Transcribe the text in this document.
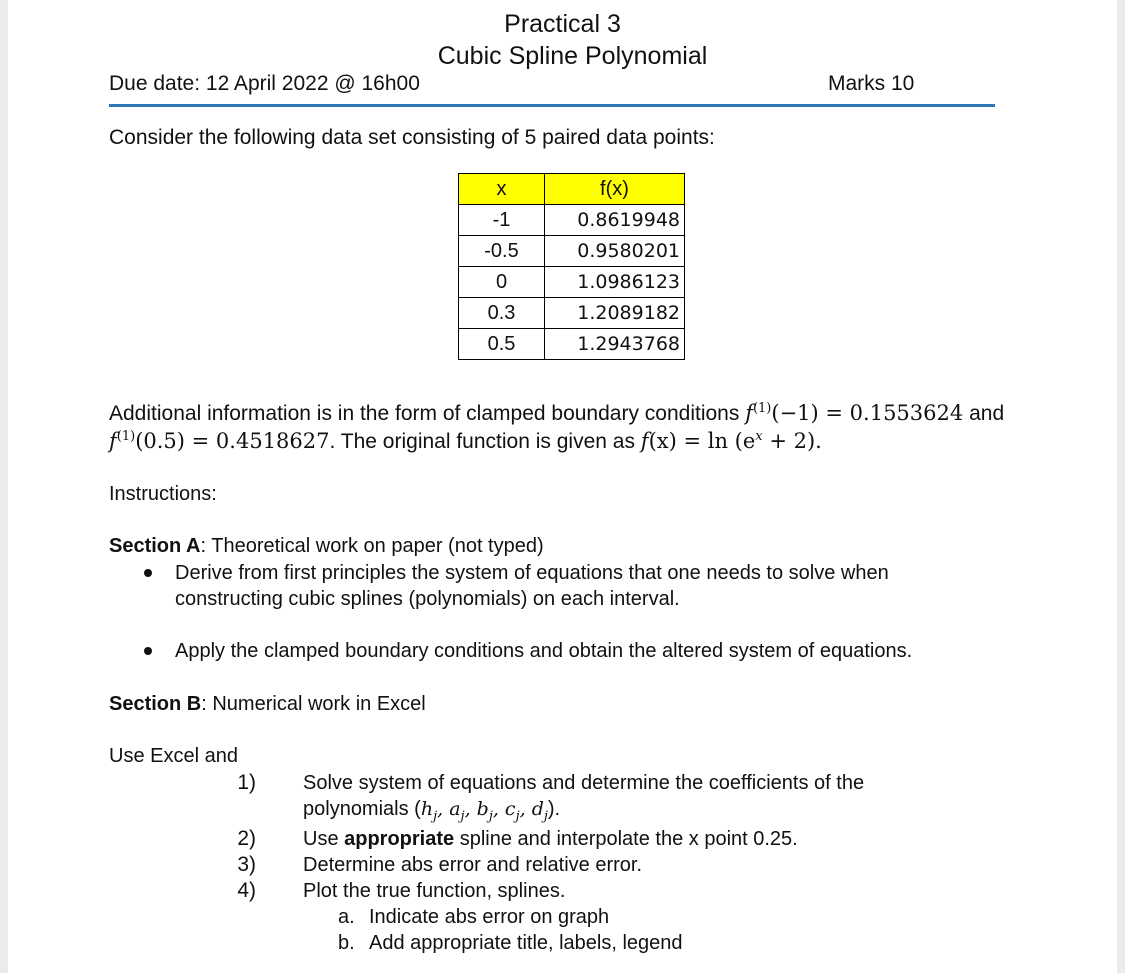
Practical 3
Cubic Spline Polynomial
Due date: 12 April 2022 @ 16h00	Marks 10
Consider the following data set consisting of 5 paired data points:
x	f(x)
-1	0.8619948
-0.5	0.9580201
0	1.0986123
0.3	1.2089182
0.5	1.2943768
Additional information is in the form of clamped boundary conditions $f^{(1)}(-1) = 0.1553624$ and
$f^{(1)}(0.5) = 0.4518627$. The original function is given as $f(x) = \ln (e^x + 2)$.
Instructions:
Section A: Theoretical work on paper (not typed)
Derive from first principles the system of equations that one needs to solve when
constructing cubic splines (polynomials) on each interval.
Apply the clamped boundary conditions and obtain the altered system of equations.
Section B: Numerical work in Excel
Use Excel and
1) Solve system of equations and determine the coefficients of the
polynomials ($h_j$, $a_j$, $b_j$, $c_j$, $d_j$).
2) Use appropriate spline and interpolate the x point 0.25.
3) Determine abs error and relative error.
4) Plot the true function, splines.
a. Indicate abs error on graph
b. Add appropriate title, labels, legend
